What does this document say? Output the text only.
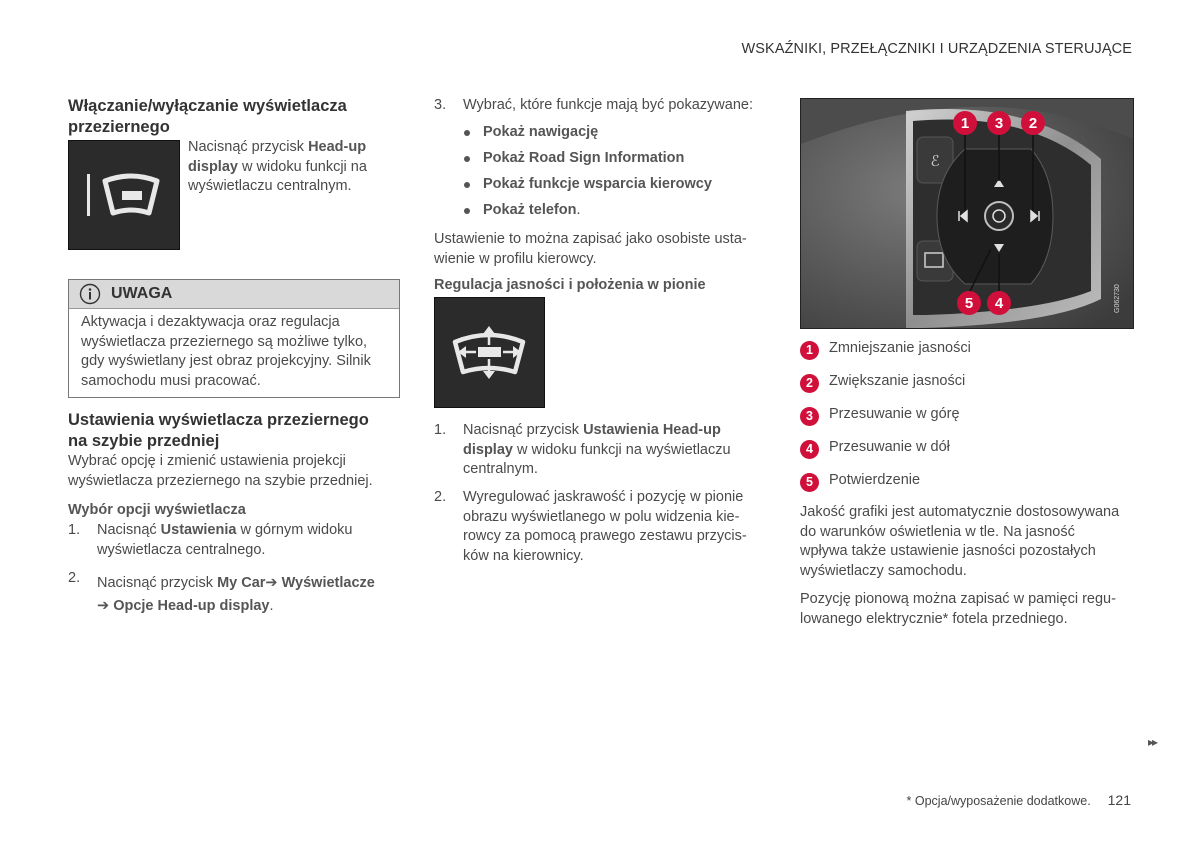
WSKAŹNIKI, PRZEŁĄCZNIKI I URZĄDZENIA STERUJĄCE
Włączanie/wyłączanie wyświetlacza
przeziernego
Nacisnąć przycisk Head-up
display w widoku funkcji na
wyświetlaczu centralnym.
UWAGA
Aktywacja i dezaktywacja oraz regulacja
wyświetlacza przeziernego są możliwe tylko,
gdy wyświetlany jest obraz projekcyjny. Silnik
samochodu musi pracować.
Ustawienia wyświetlacza przeziernego
na szybie przedniej
Wybrać opcję i zmienić ustawienia projekcji
wyświetlacza przeziernego na szybie przedniej.
Wybór opcji wyświetlacza
1. Nacisnąć Ustawienia w górnym widoku
wyświetlacza centralnego.
2. Nacisnąć przycisk My Car➔ Wyświetlacze
➔ Opcje Head-up display.
3. Wybrać, które funkcje mają być pokazywane:
Pokaż nawigację
Pokaż Road Sign Information
Pokaż funkcje wsparcia kierowcy
Pokaż telefon.
Ustawienie to można zapisać jako osobiste usta-
wienie w profilu kierowcy.
Regulacja jasności i położenia w pionie
1. Nacisnąć przycisk Ustawienia Head-up
display w widoku funkcji na wyświetlaczu
centralnym.
2. Wyregulować jaskrawość i pozycję w pionie
obrazu wyświetlanego w polu widzenia kie-
rowcy za pomocą prawego zestawu przycis-
ków na kierownicy.
ℰ
1 3 2
5 4	G062730
1	Zmniejszanie jasności
2	Zwiększanie jasności
3	Przesuwanie w górę
4	Przesuwanie w dół
5	Potwierdzenie
Jakość grafiki jest automatycznie dostosowywana
do warunków oświetlenia w tle. Na jasność
wpływa także ustawienie jasności pozostałych
wyświetlaczy samochodu.
Pozycję pionową można zapisać w pamięci regu-
lowanego elektrycznie* fotela przedniego.
▸▸
* Opcja/wyposażenie dodatkowe. 121
